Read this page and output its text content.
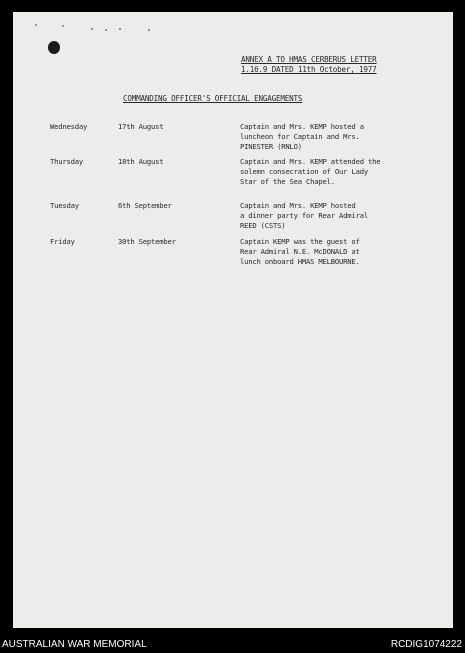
ANNEX A TO HMAS CERBERUS LETTER
1.16.9 DATED 11th October, 1977
COMMANDING OFFICER'S OFFICIAL ENGAGEMENTS
Wednesday	17th August	Captain and Mrs. KEMP hosted a
luncheon for Captain and Mrs.
PINESTER (RNLO)
Thursday	18th August	Captain and Mrs. KEMP attended the
solemn consecration of Our Lady
Star of the Sea Chapel.
Tuesday	6th September	Captain and Mrs. KEMP hosted
a dinner party for Rear Admiral
REED (CSTS)
Friday	30th September	Captain KEMP was the guest of
Rear Admiral N.E. McDONALD at
lunch onboard HMAS MELBOURNE.
AUSTRALIAN WAR MEMORIAL	RCDIG1074222
